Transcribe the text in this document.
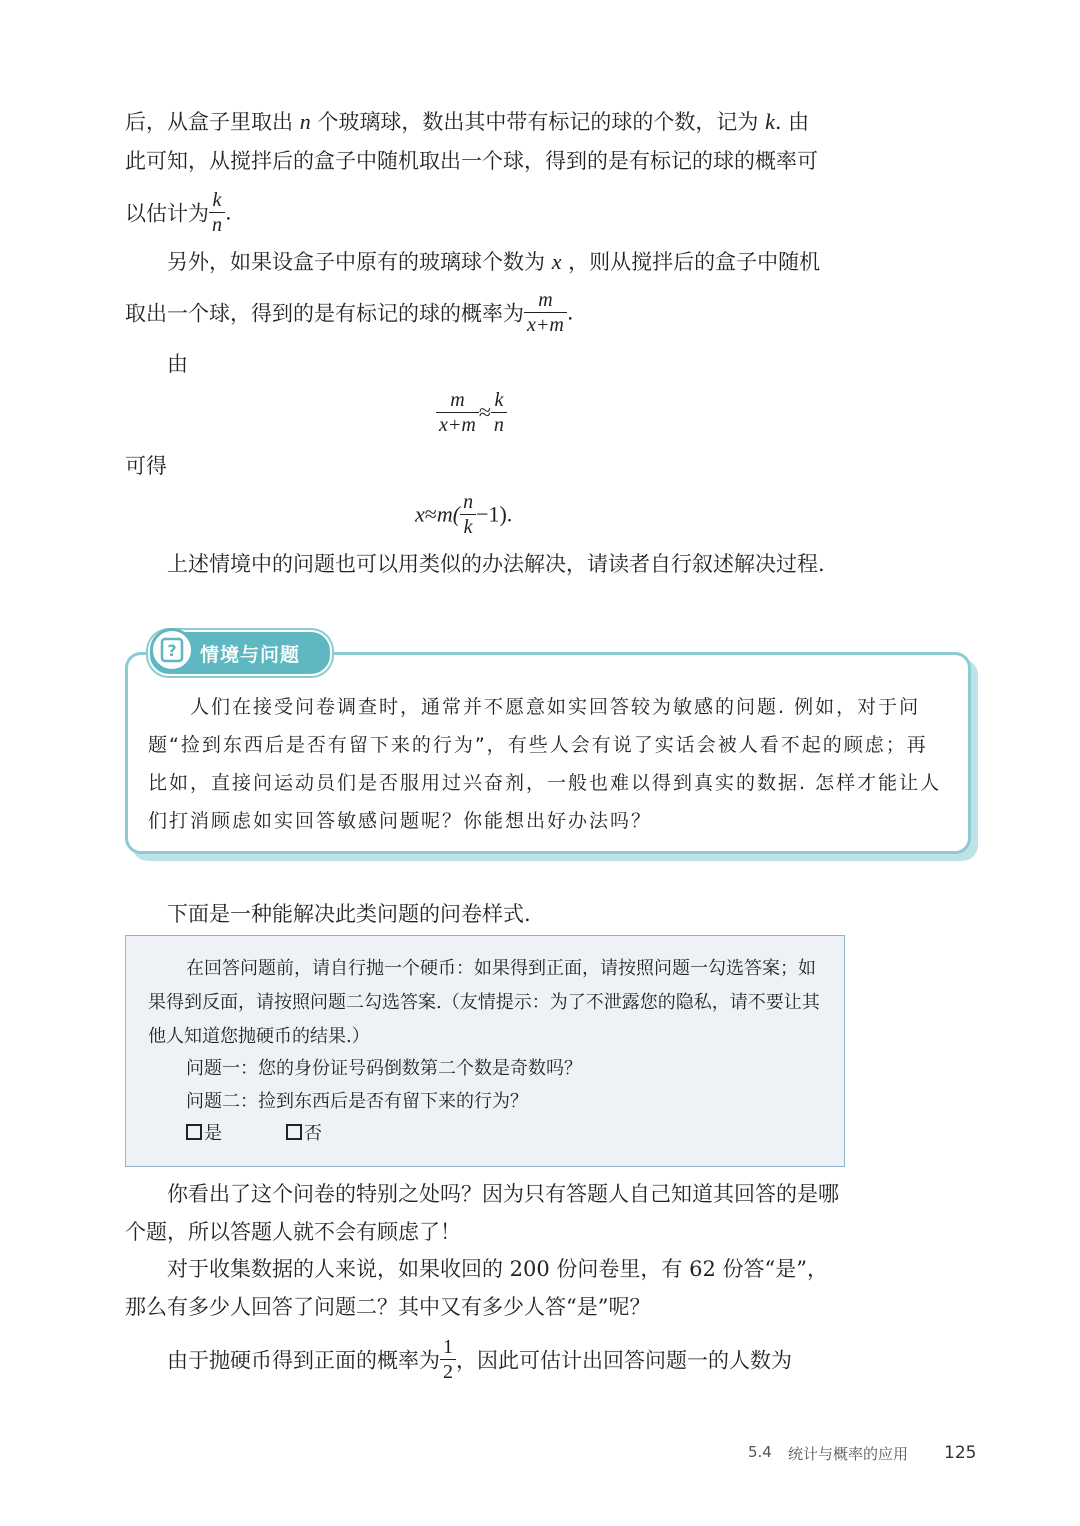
后，从盒子里取出 n 个玻璃球，数出其中带有标记的球的个数，记为 k. 由
此可知，从搅拌后的盒子中随机取出一个球，得到的是有标记的球的概率可
以估计为 $\frac{k}{n}$ .
另外，如果设盒子中原有的玻璃球个数为 x ，则从搅拌后的盒子中随机
取出一个球，得到的是有标记的球的概率为 $\frac{m}{x+m}$ .
由
$\frac{m}{x+m} \approx \frac{k}{n}$
可得
$x\approx m( \frac{n}{k} -1)$.
上述情境中的问题也可以用类似的办法解决，请读者自行叙述解决过程.
? 情境与问题
人们在接受问卷调查时，通常并不愿意如实回答较为敏感的问题. 例如，对于问题“捡到东西后是否有留下来的行为”，有些人会有说了实话会被人看不起的顾虑；再比如，直接问运动员们是否服用过兴奋剂，一般也难以得到真实的数据. 怎样才能让人们打消顾虑如实回答敏感问题呢？你能想出好办法吗？
下面是一种能解决此类问题的问卷样式.
在回答问题前，请自行抛一个硬币：如果得到正面，请按照问题一勾选答案；如果得到反面，请按照问题二勾选答案.（友情提示：为了不泄露您的隐私，请不要让其他人知道您抛硬币的结果.）
问题一：您的身份证号码倒数第二个数是奇数吗？
问题二：捡到东西后是否有留下来的行为？
是	否
你看出了这个问卷的特别之处吗？因为只有答题人自己知道其回答的是哪个题，所以答题人就不会有顾虑了！
对于收集数据的人来说，如果收回的 200 份问卷里，有 62 份答“是”，那么有多少人回答了问题二？其中又有多少人答“是”呢？
由于抛硬币得到正面的概率为 $\frac{1}{2}$ ，因此可估计出回答问题一的人数为
5.4 统计与概率的应用 125
